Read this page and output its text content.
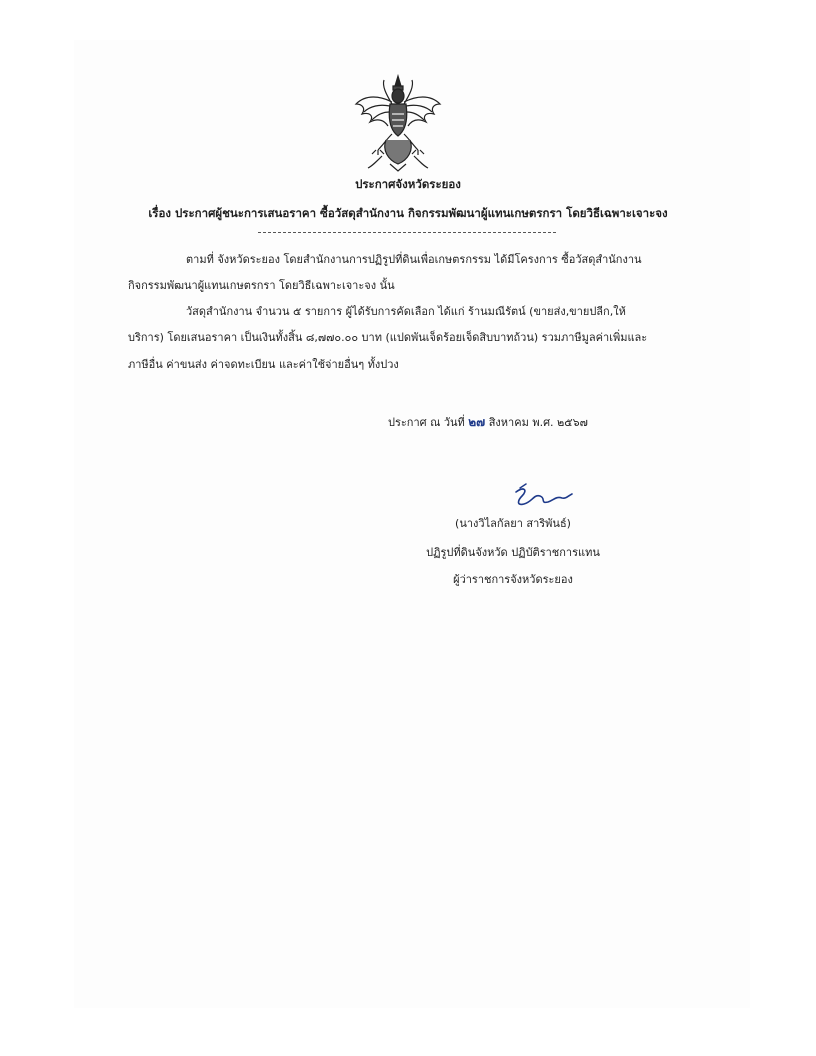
ประกาศจังหวัดระยอง
เรื่อง ประกาศผู้ชนะการเสนอราคา ซื้อวัสดุสำนักงาน กิจกรรมพัฒนาผู้แทนเกษตรกรา โดยวิธีเฉพาะเจาะจง
ตามที่ จังหวัดระยอง โดยสำนักงานการปฏิรูปที่ดินเพื่อเกษตรกรรม ได้มีโครงการ ซื้อวัสดุสำนักงาน
กิจกรรมพัฒนาผู้แทนเกษตรกรา โดยวิธีเฉพาะเจาะจง นั้น
วัสดุสำนักงาน จำนวน ๕ รายการ ผู้ได้รับการคัดเลือก ได้แก่ ร้านมณีรัตน์ (ขายส่ง,ขายปลีก,ให้
บริการ) โดยเสนอราคา เป็นเงินทั้งสิ้น ๘,๗๗๐.๐๐ บาท (แปดพันเจ็ดร้อยเจ็ดสิบบาทถ้วน) รวมภาษีมูลค่าเพิ่มและ
ภาษีอื่น ค่าขนส่ง ค่าจดทะเบียน และค่าใช้จ่ายอื่นๆ ทั้งปวง
ประกาศ ณ วันที่ ๒๗ สิงหาคม พ.ศ. ๒๕๖๗
(นางวิไลกัลยา สาริพันธ์)
ปฏิรูปที่ดินจังหวัด ปฏิบัติราชการแทน
ผู้ว่าราชการจังหวัดระยอง
